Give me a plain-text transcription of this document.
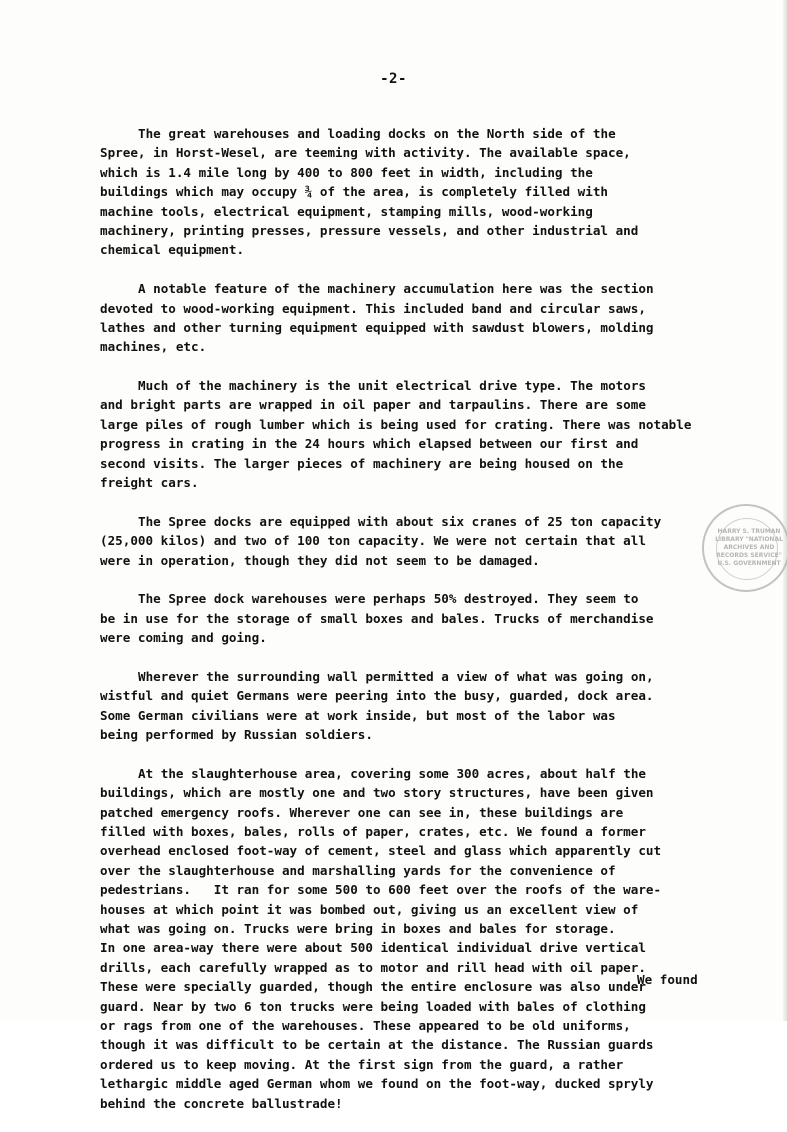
-2-
The great warehouses and loading docks on the North side of the
Spree, in Horst-Wesel, are teeming with activity. The available space,
which is 1.4 mile long by 400 to 800 feet in width, including the
buildings which may occupy ¾ of the area, is completely filled with
machine tools, electrical equipment, stamping mills, wood-working
machinery, printing presses, pressure vessels, and other industrial and
chemical equipment.
A notable feature of the machinery accumulation here was the section
devoted to wood-working equipment. This included band and circular saws,
lathes and other turning equipment equipped with sawdust blowers, molding
machines, etc.
Much of the machinery is the unit electrical drive type. The motors
and bright parts are wrapped in oil paper and tarpaulins. There are some
large piles of rough lumber which is being used for crating. There was notable
progress in crating in the 24 hours which elapsed between our first and
second visits. The larger pieces of machinery are being housed on the
freight cars.
The Spree docks are equipped with about six cranes of 25 ton capacity
(25,000 kilos) and two of 100 ton capacity. We were not certain that all
were in operation, though they did not seem to be damaged.
The Spree dock warehouses were perhaps 50% destroyed. They seem to
be in use for the storage of small boxes and bales. Trucks of merchandise
were coming and going.
Wherever the surrounding wall permitted a view of what was going on,
wistful and quiet Germans were peering into the busy, guarded, dock area.
Some German civilians were at work inside, but most of the labor was
being performed by Russian soldiers.
At the slaughterhouse area, covering some 300 acres, about half the
buildings, which are mostly one and two story structures, have been given
patched emergency roofs. Wherever one can see in, these buildings are
filled with boxes, bales, rolls of paper, crates, etc. We found a former
overhead enclosed foot-way of cement, steel and glass which apparently cut
over the slaughterhouse and marshalling yards for the convenience of
pedestrians.   It ran for some 500 to 600 feet over the roofs of the ware-
houses at which point it was bombed out, giving us an excellent view of
what was going on. Trucks were bring in boxes and bales for storage.
In one area-way there were about 500 identical individual drive vertical
drills, each carefully wrapped as to motor and rill head with oil paper.
These were specially guarded, though the entire enclosure was also under
guard. Near by two 6 ton trucks were being loaded with bales of clothing
or rags from one of the warehouses. These appeared to be old uniforms,
though it was difficult to be certain at the distance. The Russian guards
ordered us to keep moving. At the first sign from the guard, a rather
lethargic middle aged German whom we found on the foot-way, ducked spryly
behind the concrete ballustrade!
HARRY S. TRUMAN LIBRARY "NATIONAL ARCHIVES AND RECORDS SERVICE" U.S. GOVERNMENT
We found
